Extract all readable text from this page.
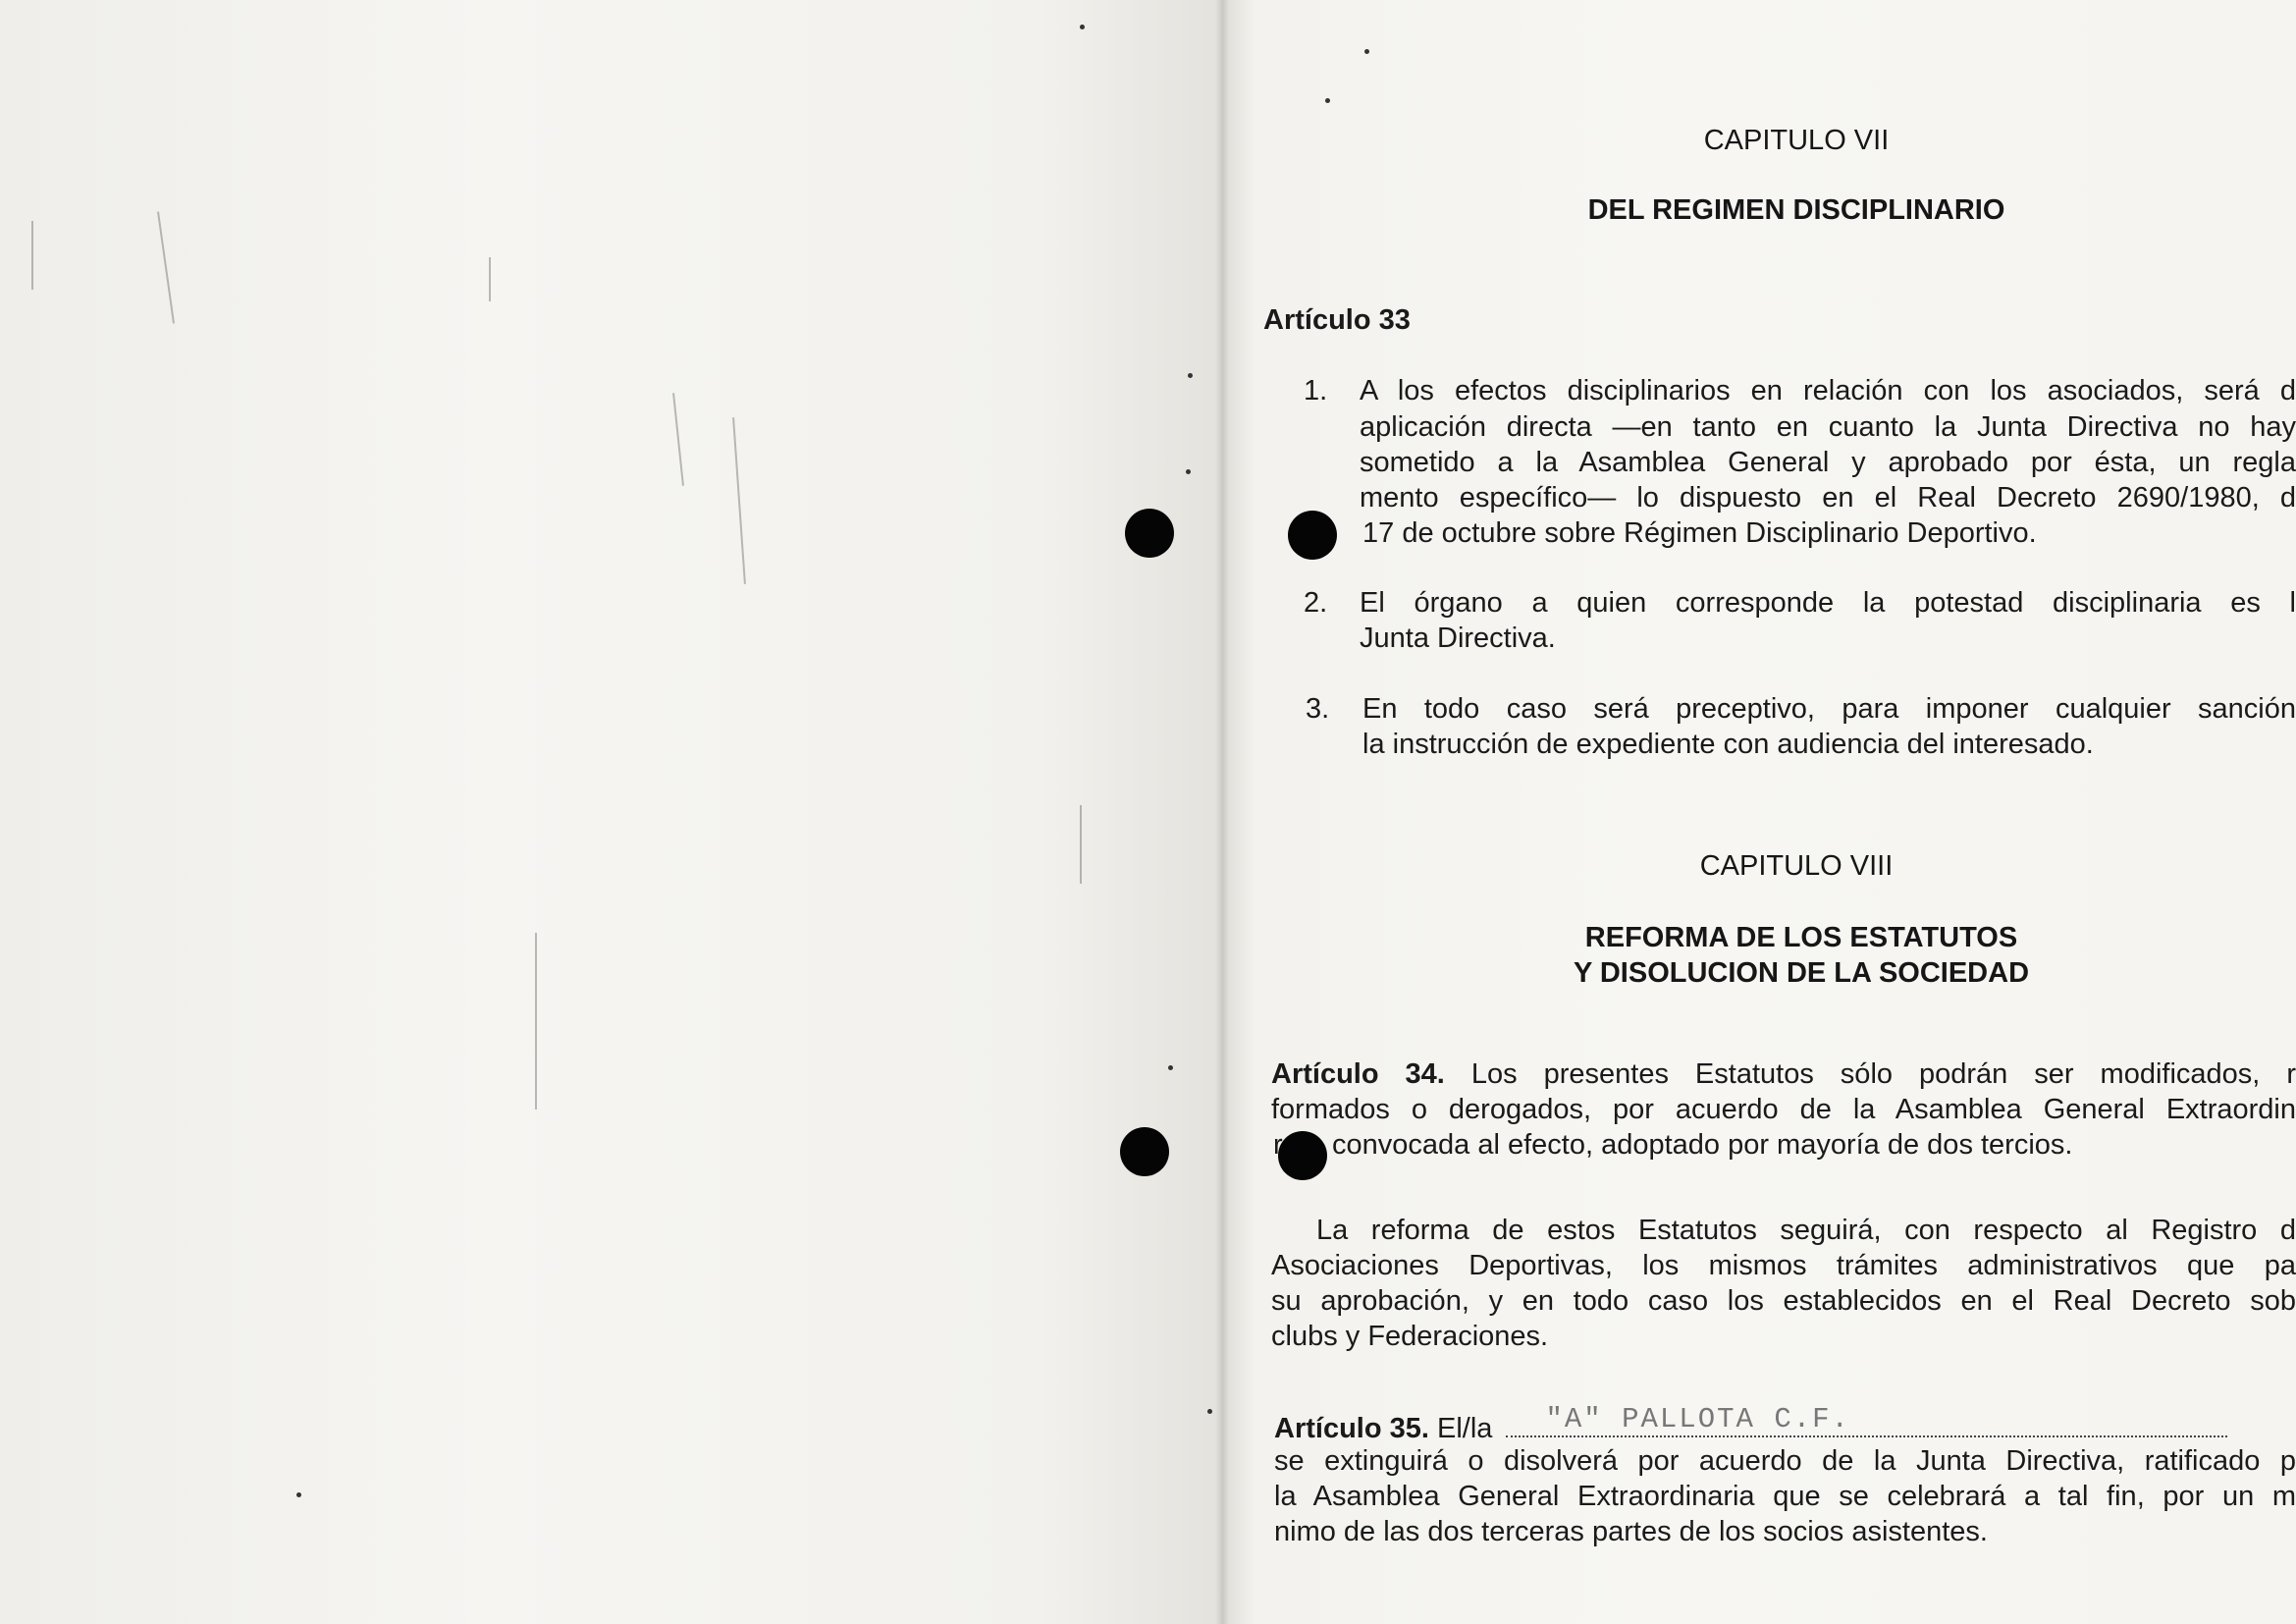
CAPITULO VII
DEL REGIMEN DISCIPLINARIO
Artículo 33
1. A los efectos disciplinarios en relación con los asociados, será d
aplicación directa —en tanto en cuanto la Junta Directiva no hay
sometido a la Asamblea General y aprobado por ésta, un regla
mento específico— lo dispuesto en el Real Decreto 2690/1980, d
17 de octubre sobre Régimen Disciplinario Deportivo.
2. El órgano a quien corresponde la potestad disciplinaria es l
Junta Directiva.
3. En todo caso será preceptivo, para imponer cualquier sanción
la instrucción de expediente con audiencia del interesado.
CAPITULO VIII
REFORMA DE LOS ESTATUTOS
Y DISOLUCION DE LA SOCIEDAD
Artículo 34. Los presentes Estatutos sólo podrán ser modificados, r
formados o derogados, por acuerdo de la Asamblea General Extraordin
r convocada al efecto, adoptado por mayoría de dos tercios.
La reforma de estos Estatutos seguirá, con respecto al Registro d
Asociaciones Deportivas, los mismos trámites administrativos que pa
su aprobación, y en todo caso los establecidos en el Real Decreto sob
clubs y Federaciones.
Artículo 35. El/la "A" PALLOTA C.F.
se extinguirá o disolverá por acuerdo de la Junta Directiva, ratificado p
la Asamblea General Extraordinaria que se celebrará a tal fin, por un m
nimo de las dos terceras partes de los socios asistentes.
